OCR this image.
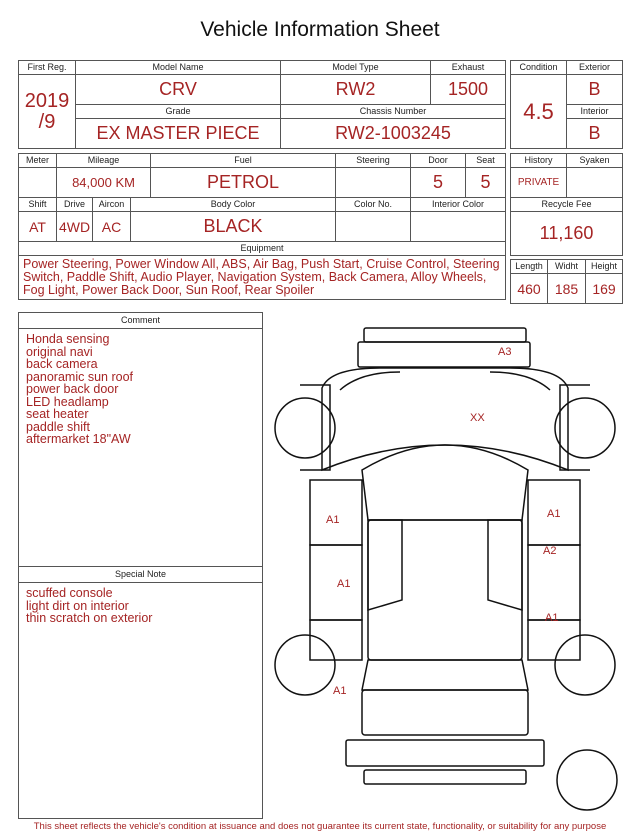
Vehicle Information Sheet
First Reg.	Model Name	Model Type	Exhaust

2019
/9	CRV	RW2	1500
	Grade	Chassis Number	
	EX MASTER PIECE	RW2-1003245	
Condition	Exterior
4.5	B
	Interior
	B
Meter	Mileage			Fuel	Steering	Door	Seat
	84,000 KM			PETROL		5	5
Shift	Drive	Aircon	Body Color		Color No.	Interior Color	
AT	4WD	AC	BLACK				
Equipment							
Power Steering, Power Window All, ABS, Air Bag, Push Start, Cruise Control, Steering Switch, Paddle Shift, Audio Player, Navigation System, Back Camera, Alloy Wheels, Fog Light, Power Back Door, Sun Roof, Rear Spoiler							
History	Syaken
PRIVATE	
Recycle Fee	
11,160	
Length	Widht	Height
460	185	169
Comment
Honda sensing
original navi
back camera
panoramic sun roof
power back door
LED headlamp
seat heater
paddle shift
aftermarket 18"AW
Special Note
scuffed console
light dirt on interior
thin scratch on exterior
A3
XX
A1
A1
A1
A1
A2
A1
This sheet reflects the vehicle's condition at issuance and does not guarantee its current state, functionality, or suitability for any purpose
